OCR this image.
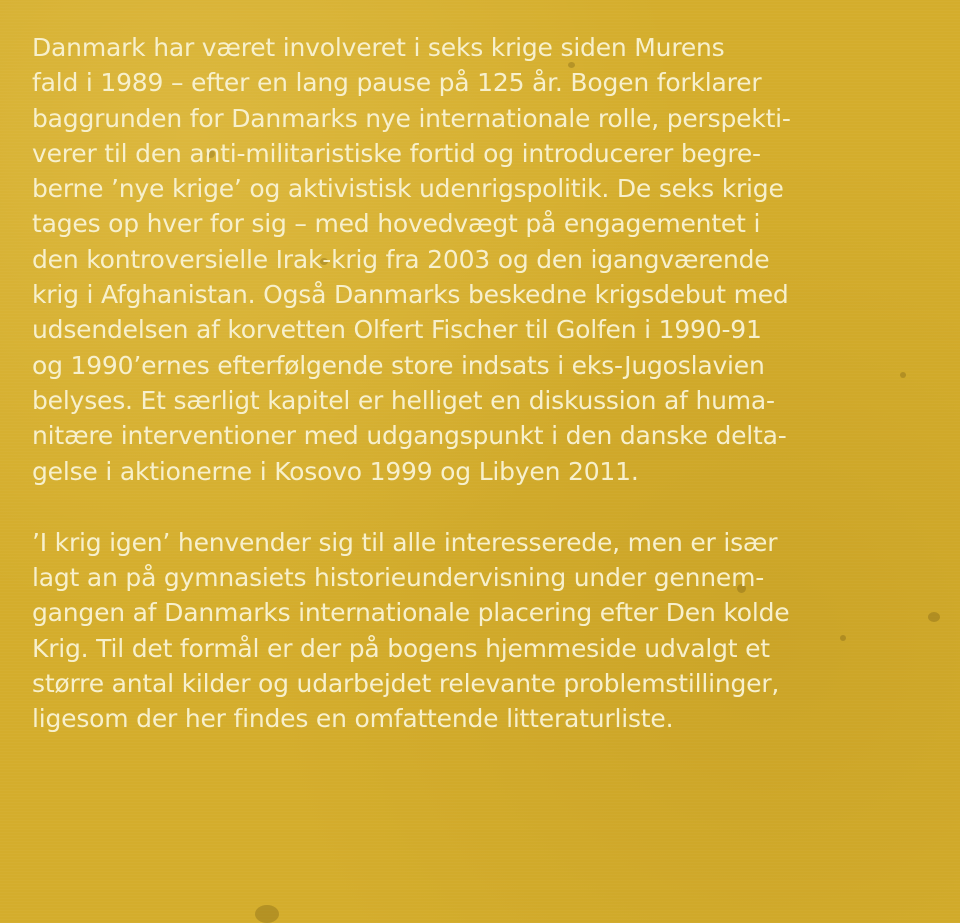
Danmark har været involveret i seks krige siden Murens
fald i 1989 – efter en lang pause på 125 år. Bogen forklarer
baggrunden for Danmarks nye internationale rolle, perspekti-
verer til den anti-militaristiske fortid og introducerer begre-
berne ’nye krige’ og aktivistisk udenrigspolitik. De seks krige
tages op hver for sig – med hovedvægt på engagementet i
den kontroversielle Irak-krig fra 2003 og den igangværende
krig i Afghanistan. Også Danmarks beskedne krigsdebut med
udsendelsen af korvetten Olfert Fischer til Golfen i 1990-91
og 1990’ernes efterfølgende store indsats i eks-Jugoslavien
belyses. Et særligt kapitel er helliget en diskussion af huma-
nitære interventioner med udgangspunkt i den danske delta-
gelse i aktionerne i Kosovo 1999 og Libyen 2011.

’I krig igen’ henvender sig til alle interesserede, men er især
lagt an på gymnasiets historieundervisning under gennem-
gangen af Danmarks internationale placering efter Den kolde
Krig. Til det formål er der på bogens hjemmeside udvalgt et
større antal kilder og udarbejdet relevante problemstillinger,
ligesom der her findes en omfattende litteraturliste.
